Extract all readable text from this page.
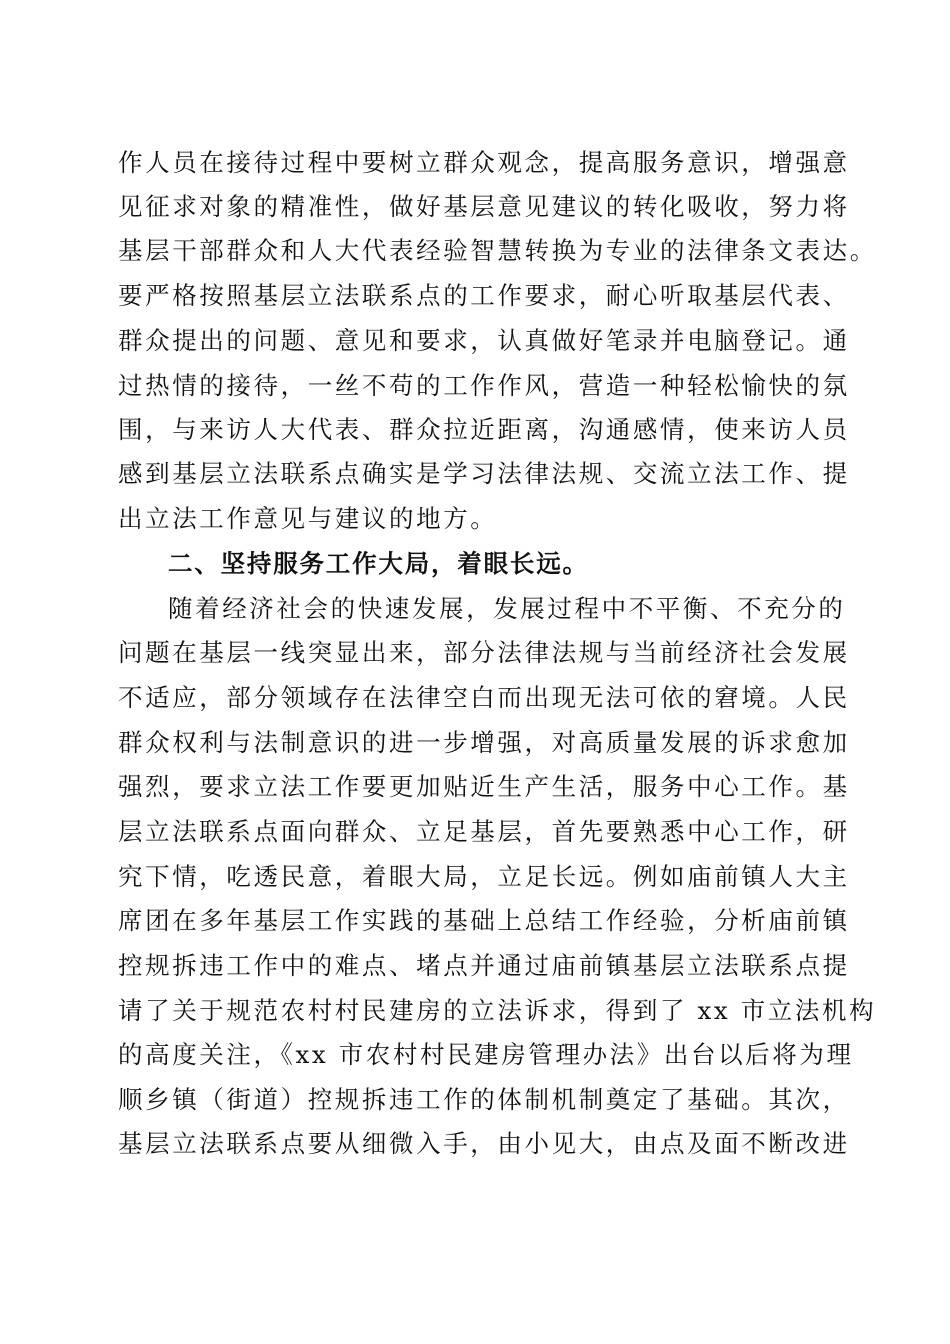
作人员在接待过程中要树立群众观念，提高服务意识，增强意
见征求对象的精准性，做好基层意见建议的转化吸收，努力将
基层干部群众和人大代表经验智慧转换为专业的法律条文表达。
要严格按照基层立法联系点的工作要求，耐心听取基层代表、
群众提出的问题、意见和要求，认真做好笔录并电脑登记。通
过热情的接待，一丝不苟的工作作风，营造一种轻松愉快的氛
围，与来访人大代表、群众拉近距离，沟通感情，使来访人员
感到基层立法联系点确实是学习法律法规、交流立法工作、提
出立法工作意见与建议的地方。
二、坚持服务工作大局，着眼长远。
随着经济社会的快速发展，发展过程中不平衡、不充分的
问题在基层一线突显出来，部分法律法规与当前经济社会发展
不适应，部分领域存在法律空白而出现无法可依的窘境。人民
群众权利与法制意识的进一步增强，对高质量发展的诉求愈加
强烈，要求立法工作要更加贴近生产生活，服务中心工作。基
层立法联系点面向群众、立足基层，首先要熟悉中心工作，研
究下情，吃透民意，着眼大局，立足长远。例如庙前镇人大主
席团在多年基层工作实践的基础上总结工作经验，分析庙前镇
控规拆违工作中的难点、堵点并通过庙前镇基层立法联系点提
请了关于规范农村村民建房的立法诉求，得到了 xx 市立法机构
的高度关注，《xx 市农村村民建房管理办法》出台以后将为理
顺乡镇（街道）控规拆违工作的体制机制奠定了基础。其次，
基层立法联系点要从细微入手，由小见大，由点及面不断改进
